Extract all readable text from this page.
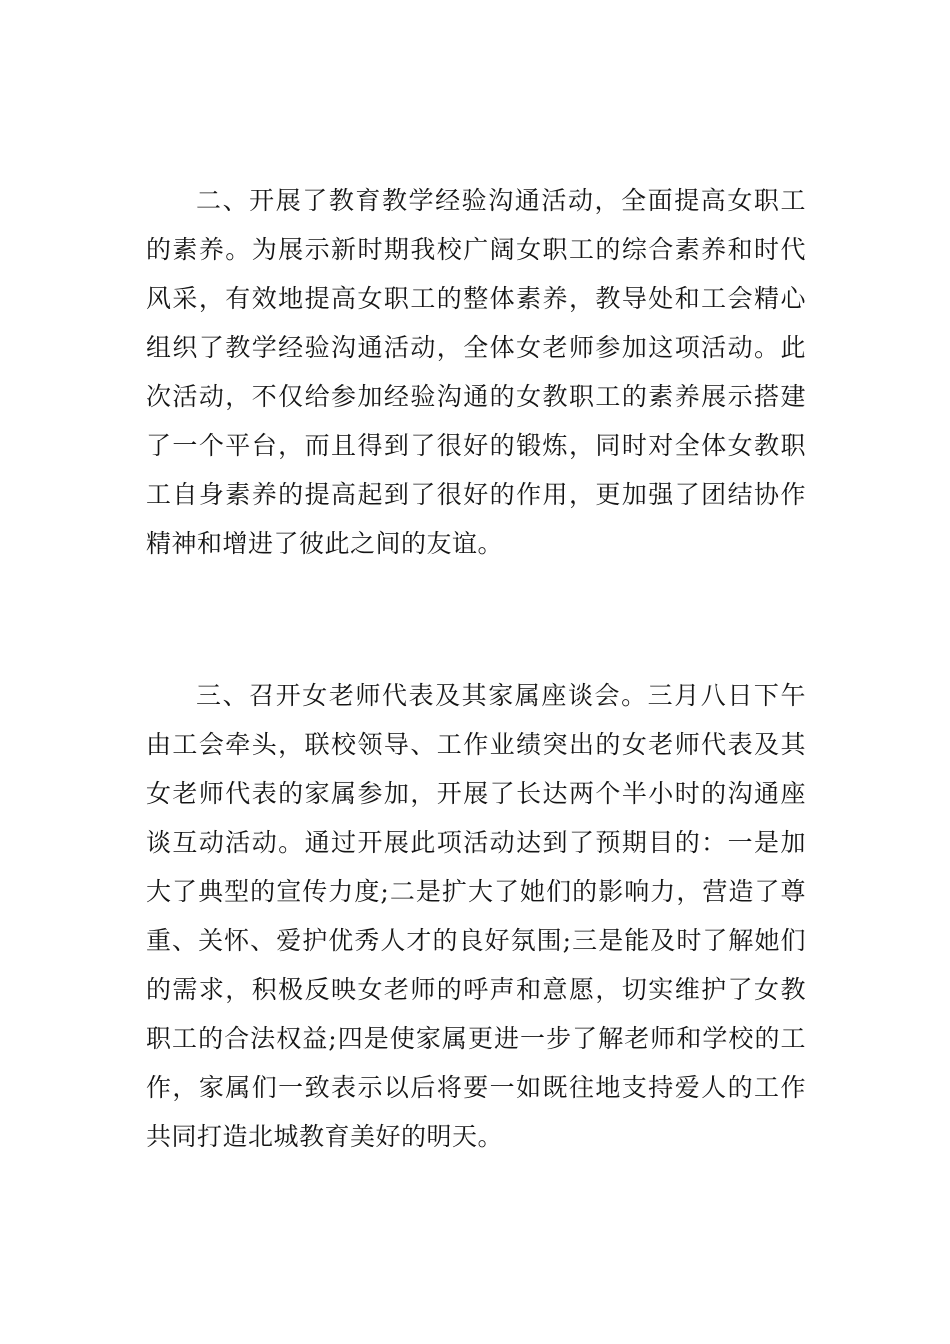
二、开展了教育教学经验沟通活动，全面提高女职工的素养。为展示新时期我校广阔女职工的综合素养和时代风采，有效地提高女职工的整体素养，教导处和工会精心组织了教学经验沟通活动，全体女老师参加这项活动。此次活动，不仅给参加经验沟通的女教职工的素养展示搭建了一个平台，而且得到了很好的锻炼，同时对全体女教职工自身素养的提高起到了很好的作用，更加强了团结协作精神和增进了彼此之间的友谊。

三、召开女老师代表及其家属座谈会。三月八日下午由工会牵头，联校领导、工作业绩突出的女老师代表及其女老师代表的家属参加，开展了长达两个半小时的沟通座谈互动活动。通过开展此项活动达到了预期目的：一是加大了典型的宣传力度;二是扩大了她们的影响力，营造了尊重、关怀、爱护优秀人才的良好氛围;三是能及时了解她们的需求，积极反映女老师的呼声和意愿，切实维护了女教职工的合法权益;四是使家属更进一步了解老师和学校的工作，家属们一致表示以后将要一如既往地支持爱人的工作共同打造北城教育美好的明天。
